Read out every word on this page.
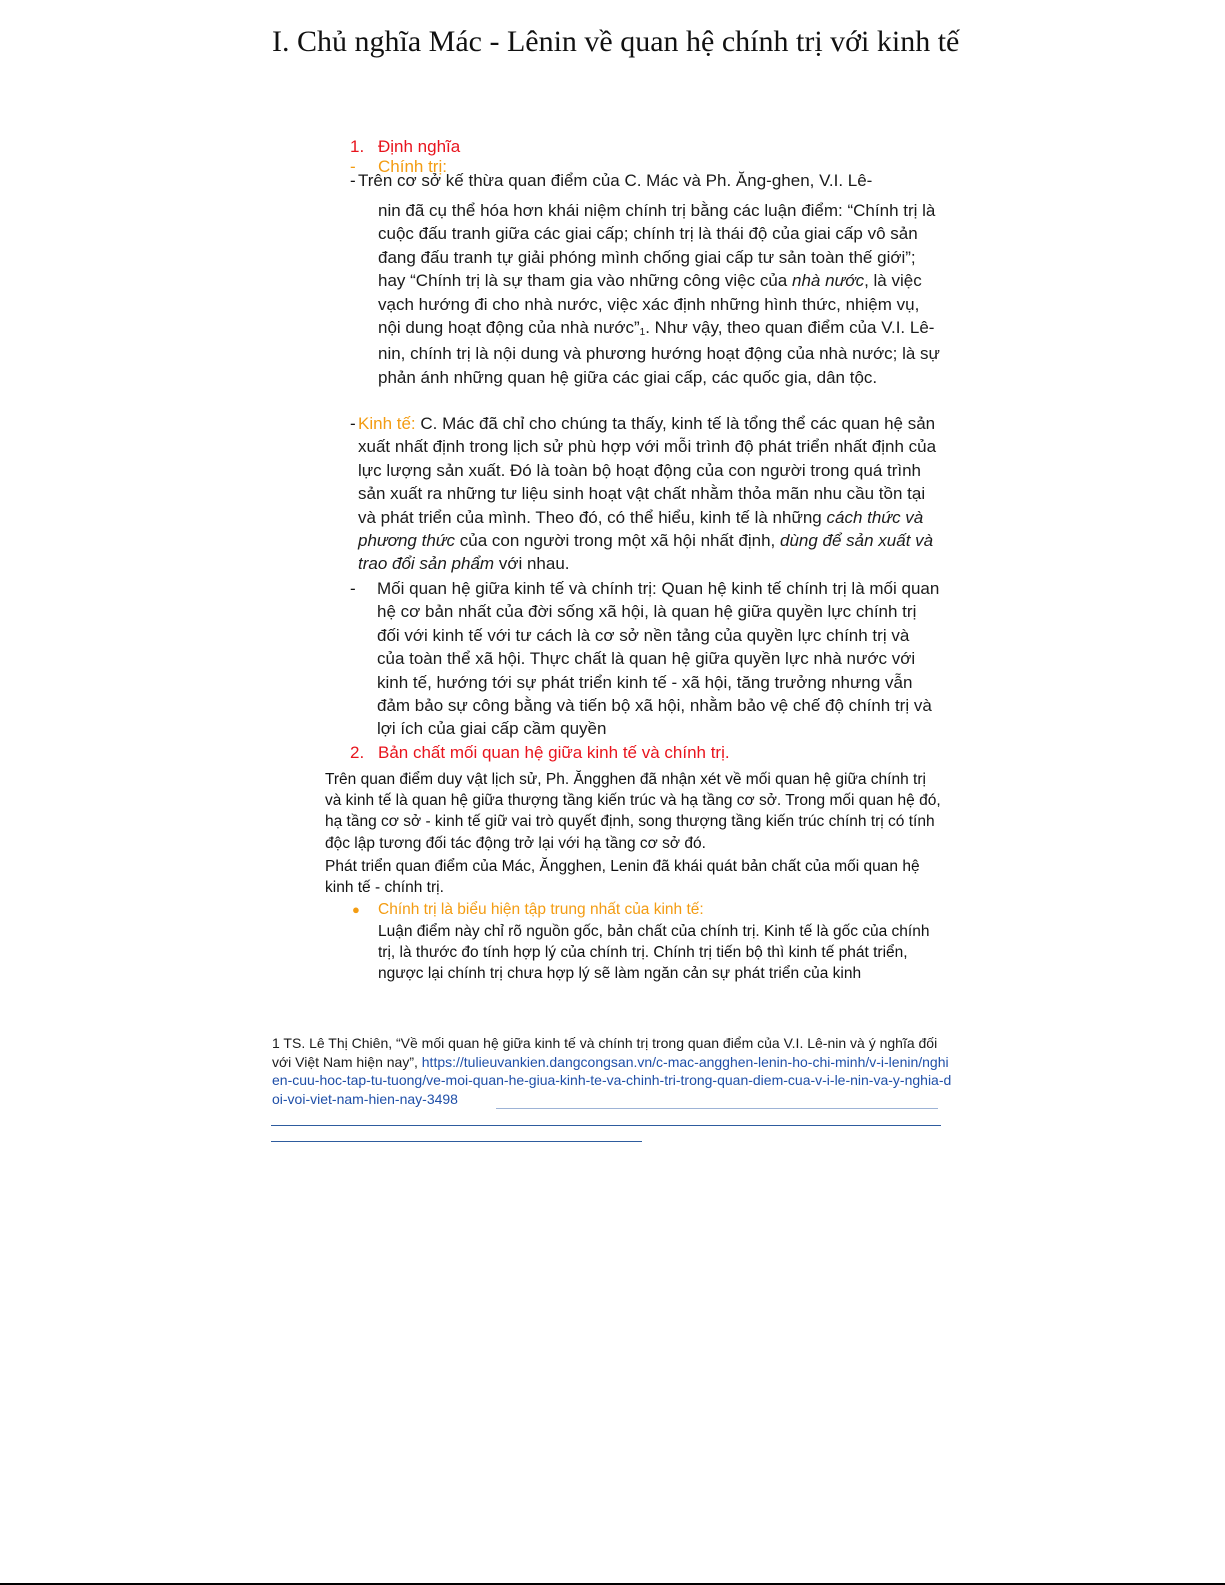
I. Chủ nghĩa Mác - Lênin về quan hệ chính trị với kinh tế
1. Định nghĩa
- Chính trị:
- Trên cơ sở kế thừa quan điểm của C. Mác và Ph. Ăng-ghen, V.I. Lê-

nin đã cụ thể hóa hơn khái niệm chính trị bằng các luận điểm: “Chính trị là cuộc đấu tranh giữa các giai cấp; chính trị là thái độ của giai cấp vô sản đang đấu tranh tự giải phóng mình chống giai cấp tư sản toàn thế giới”; hay “Chính trị là sự tham gia vào những công việc của nhà nước, là việc vạch hướng đi cho nhà nước, việc xác định những hình thức, nhiệm vụ, nội dung hoạt động của nhà nước”$^1$. Như vậy, theo quan điểm của V.I. Lê-nin, chính trị là nội dung và phương hướng hoạt động của nhà nước; là sự phản ánh những quan hệ giữa các giai cấp, các quốc gia, dân tộc.

- Kinh tế: C. Mác đã chỉ cho chúng ta thấy, kinh tế là tổng thể các quan hệ sản xuất nhất định trong lịch sử phù hợp với mỗi trình độ phát triển nhất định của lực lượng sản xuất. Đó là toàn bộ hoạt động của con người trong quá trình sản xuất ra những tư liệu sinh hoạt vật chất nhằm thỏa mãn nhu cầu tồn tại và phát triển của mình. Theo đó, có thể hiểu, kinh tế là những cách thức và phương thức của con người trong một xã hội nhất định, dùng để sản xuất và trao đổi sản phẩm với nhau.

- Mối quan hệ giữa kinh tế và chính trị: Quan hệ kinh tế chính trị là mối quan hệ cơ bản nhất của đời sống xã hội, là quan hệ giữa quyền lực chính trị đối với kinh tế với tư cách là cơ sở nền tảng của quyền lực chính trị và của toàn thể xã hội. Thực chất là quan hệ giữa quyền lực nhà nước với kinh tế, hướng tới sự phát triển kinh tế - xã hội, tăng trưởng nhưng vẫn đảm bảo sự công bằng và tiến bộ xã hội, nhằm bảo vệ chế độ chính trị và lợi ích của giai cấp cầm quyền

2. Bản chất mối quan hệ giữa kinh tế và chính trị.

Trên quan điểm duy vật lịch sử, Ph. Ăngghen đã nhận xét về mối quan hệ giữa chính trị và kinh tế là quan hệ giữa thượng tầng kiến trúc và hạ tầng cơ sở. Trong mối quan hệ đó, hạ tầng cơ sở - kinh tế giữ vai trò quyết định, song thượng tầng kiến trúc chính trị có tính độc lập tương đối tác động trở lại với hạ tầng cơ sở đó.

Phát triển quan điểm của Mác, Ăngghen, Lenin đã khái quát bản chất của mối quan hệ kinh tế - chính trị.

● Chính trị là biểu hiện tập trung nhất của kinh tế:

Luận điểm này chỉ rõ nguồn gốc, bản chất của chính trị. Kinh tế là gốc của chính trị, là thước đo tính hợp lý của chính trị. Chính trị tiến bộ thì kinh tế phát triển, ngược lại chính trị chưa hợp lý sẽ làm ngăn cản sự phát triển của kinh

1 TS. Lê Thị Chiên, “Về mối quan hệ giữa kinh tế và chính trị trong quan điểm của V.I. Lê-nin và ý nghĩa đối với Việt Nam hiện nay”, https://tulieuvankien.dangcongsan.vn/c-mac-angghen-lenin-ho-chi-minh/v-i-lenin/nghien-cuu-hoc-tap-tu-tuong/ve-moi-quan-he-giua-kinh-te-va-chinh-tri-trong-quan-diem-cua-v-i-le-nin-va-y-nghia-doi-voi-viet-nam-hien-nay-3498
